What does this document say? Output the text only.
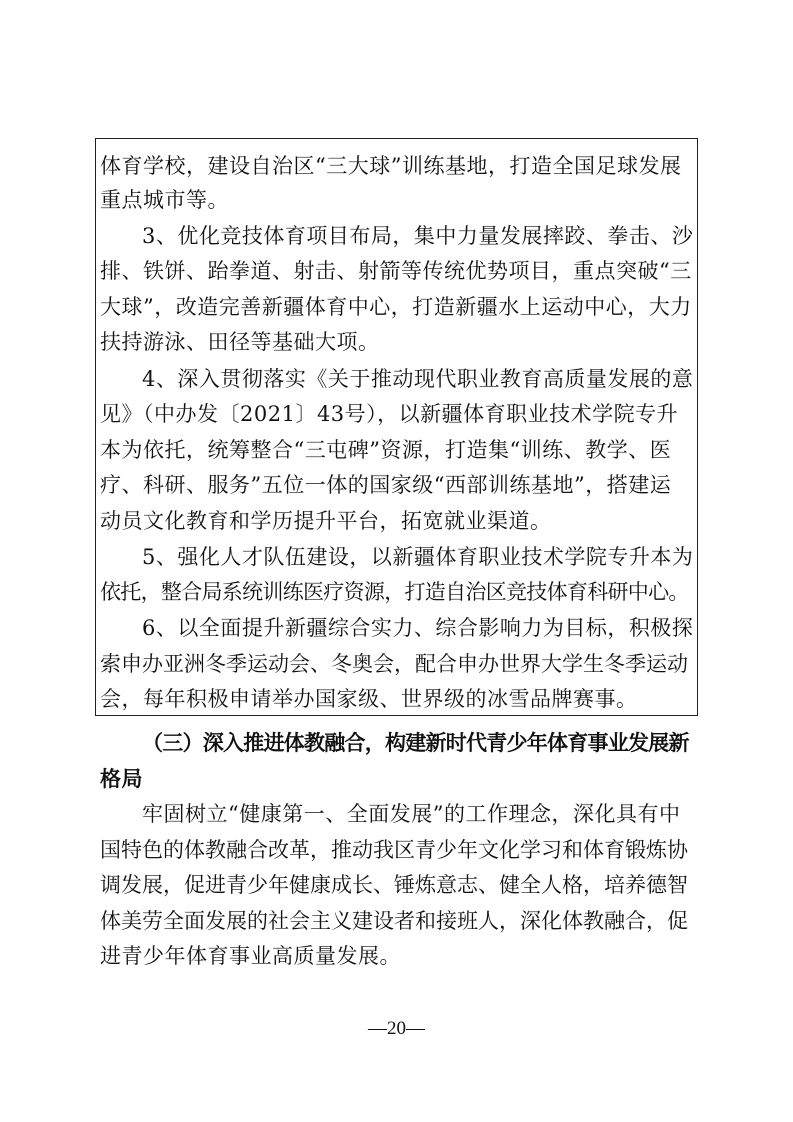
体育学校，建设自治区“三大球”训练基地，打造全国足球发展
重点城市等。
3、优化竞技体育项目布局，集中力量发展摔跤、拳击、沙
排、铁饼、跆拳道、射击、射箭等传统优势项目，重点突破“三
大球”，改造完善新疆体育中心，打造新疆水上运动中心，大力
扶持游泳、田径等基础大项。
4、深入贯彻落实《关于推动现代职业教育高质量发展的意
见》（中办发〔2021〕43号），以新疆体育职业技术学院专升
本为依托，统筹整合“三屯碑”资源，打造集“训练、教学、医
疗、科研、服务”五位一体的国家级“西部训练基地”，搭建运
动员文化教育和学历提升平台，拓宽就业渠道。
5、强化人才队伍建设，以新疆体育职业技术学院专升本为
依托，整合局系统训练医疗资源，打造自治区竞技体育科研中心。
6、以全面提升新疆综合实力、综合影响力为目标，积极探
索申办亚洲冬季运动会、冬奥会，配合申办世界大学生冬季运动
会，每年积极申请举办国家级、世界级的冰雪品牌赛事。
（三）深入推进体教融合，构建新时代青少年体育事业发展新
格局
牢固树立“健康第一、全面发展”的工作理念，深化具有中
国特色的体教融合改革，推动我区青少年文化学习和体育锻炼协
调发展，促进青少年健康成长、锤炼意志、健全人格，培养德智
体美劳全面发展的社会主义建设者和接班人，深化体教融合，促
进青少年体育事业高质量发展。
—20—
